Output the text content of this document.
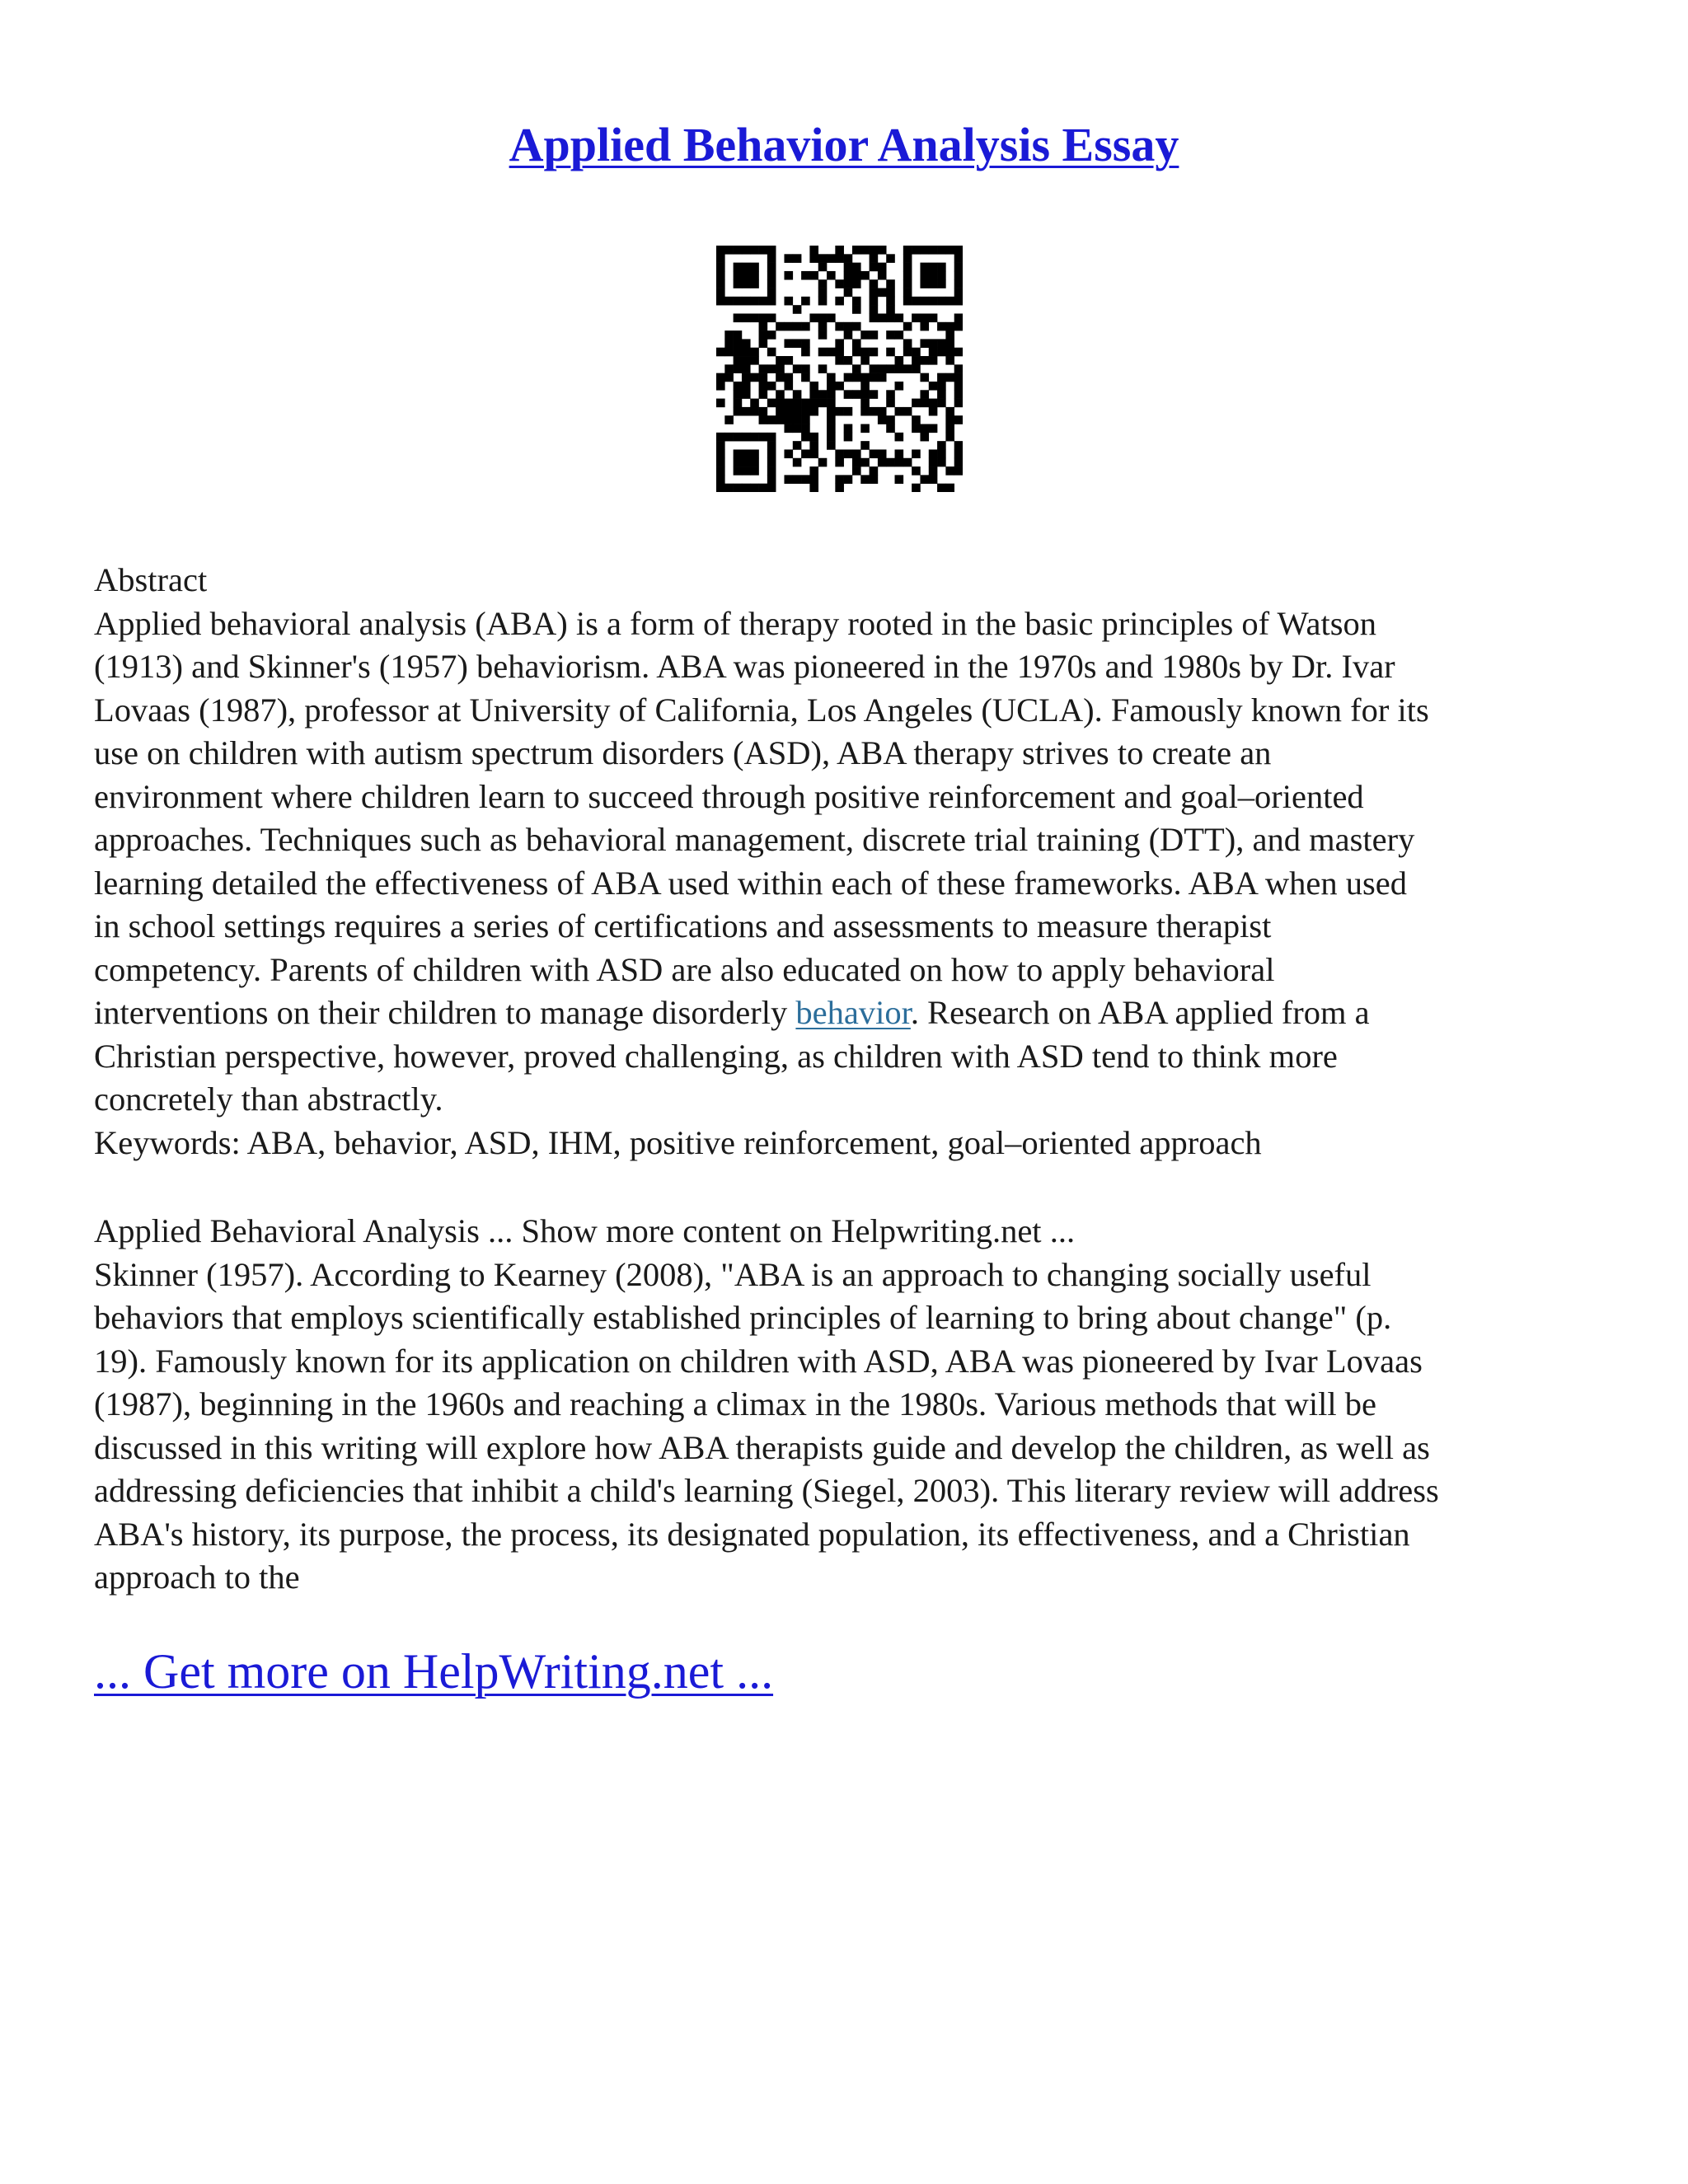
Applied Behavior Analysis Essay
Abstract
Applied behavioral analysis (ABA) is a form of therapy rooted in the basic principles of Watson
(1913) and Skinner's (1957) behaviorism. ABA was pioneered in the 1970s and 1980s by Dr. Ivar
Lovaas (1987), professor at University of California, Los Angeles (UCLA). Famously known for its
use on children with autism spectrum disorders (ASD), ABA therapy strives to create an
environment where children learn to succeed through positive reinforcement and goal–oriented
approaches. Techniques such as behavioral management, discrete trial training (DTT), and mastery
learning detailed the effectiveness of ABA used within each of these frameworks. ABA when used
in school settings requires a series of certifications and assessments to measure therapist
competency. Parents of children with ASD are also educated on how to apply behavioral
interventions on their children to manage disorderly behavior. Research on ABA applied from a
Christian perspective, however, proved challenging, as children with ASD tend to think more
concretely than abstractly.
Keywords: ABA, behavior, ASD, IHM, positive reinforcement, goal–oriented approach
Applied Behavioral Analysis ... Show more content on Helpwriting.net ...
Skinner (1957). According to Kearney (2008), "ABA is an approach to changing socially useful
behaviors that employs scientifically established principles of learning to bring about change" (p.
19). Famously known for its application on children with ASD, ABA was pioneered by Ivar Lovaas
(1987), beginning in the 1960s and reaching a climax in the 1980s. Various methods that will be
discussed in this writing will explore how ABA therapists guide and develop the children, as well as
addressing deficiencies that inhibit a child's learning (Siegel, 2003). This literary review will address
ABA's history, its purpose, the process, its designated population, its effectiveness, and a Christian
approach to the
... Get more on HelpWriting.net ...
